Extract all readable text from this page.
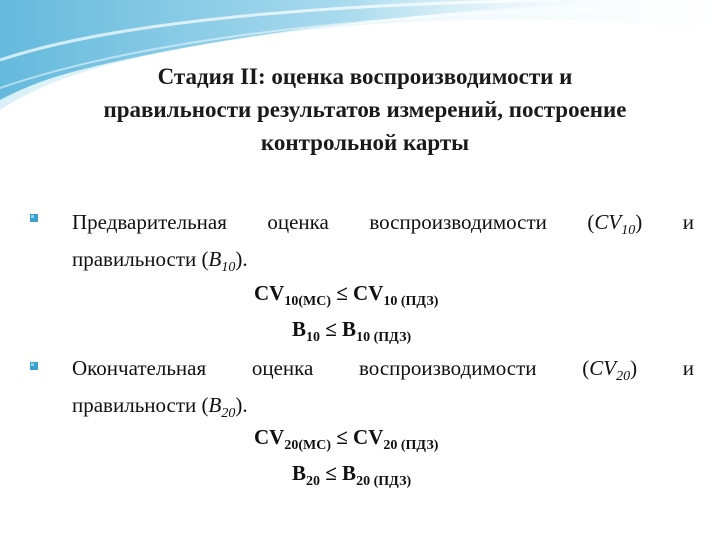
Стадия II: оценка воспроизводимости и
правильности результатов измерений, построение
контрольной карты
Предварительная оценка воспроизводимости $(CV_{10})$ и
правильности $(B_{10})$.
$CV_{10(МС)} \le CV_{10 (ПДЗ)}$
$B_{10} \le B_{10 (ПДЗ)}$
Окончательная оценка воспроизводимости $(CV_{20})$ и
правильности $(B_{20})$.
$CV_{20(МС)} \le CV_{20 (ПДЗ)}$
$B_{20} \le B_{20 (ПДЗ)}$
